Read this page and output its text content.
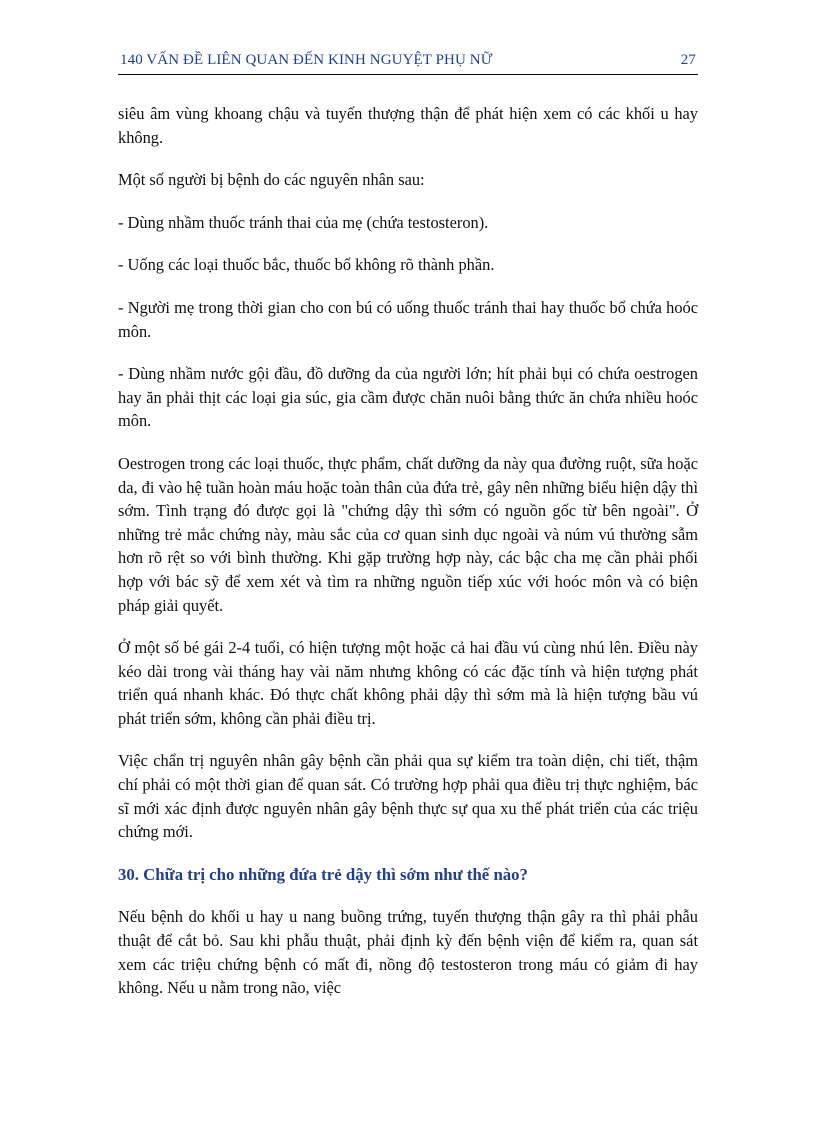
140 VẤN ĐỀ LIÊN QUAN ĐẾN KINH NGUYỆT PHỤ NỮ	27

siêu âm vùng khoang chậu và tuyến thượng thận để phát hiện xem có các khối u hay không.

Một số người bị bệnh do các nguyên nhân sau:

- Dùng nhầm thuốc tránh thai của mẹ (chứa testosteron).

- Uống các loại thuốc bắc, thuốc bổ không rõ thành phần.

- Người mẹ trong thời gian cho con bú có uống thuốc tránh thai hay thuốc bổ chứa hoóc môn.

- Dùng nhầm nước gội đầu, đồ dưỡng da của người lớn; hít phải bụi có chứa oestrogen hay ăn phải thịt các loại gia súc, gia cầm được chăn nuôi bằng thức ăn chứa nhiều hoóc môn.

Oestrogen trong các loại thuốc, thực phẩm, chất dưỡng da này qua đường ruột, sữa hoặc da, đi vào hệ tuần hoàn máu hoặc toàn thân của đứa trẻ, gây nên những biểu hiện dậy thì sớm. Tình trạng đó được gọi là "chứng dậy thì sớm có nguồn gốc từ bên ngoài". Ở những trẻ mắc chứng này, màu sắc của cơ quan sinh dục ngoài và núm vú thường sẫm hơn rõ rệt so với bình thường. Khi gặp trường hợp này, các bậc cha mẹ cần phải phối hợp với bác sỹ để xem xét và tìm ra những nguồn tiếp xúc với hoóc môn và có biện pháp giải quyết.

Ở một số bé gái 2-4 tuổi, có hiện tượng một hoặc cả hai đầu vú cùng nhú lên. Điều này kéo dài trong vài tháng hay vài năm nhưng không có các đặc tính và hiện tượng phát triển quá nhanh khác. Đó thực chất không phải dậy thì sớm mà là hiện tượng bầu vú phát triển sớm, không cần phải điều trị.

Việc chẩn trị nguyên nhân gây bệnh cần phải qua sự kiểm tra toàn diện, chi tiết, thậm chí phải có một thời gian để quan sát. Có trường hợp phải qua điều trị thực nghiệm, bác sĩ mới xác định được nguyên nhân gây bệnh thực sự qua xu thế phát triển của các triệu chứng mới.

30. Chữa trị cho những đứa trẻ dậy thì sớm như thế nào?

Nếu bệnh do khối u hay u nang buồng trứng, tuyến thượng thận gây ra thì phải phẫu thuật để cắt bỏ. Sau khi phẫu thuật, phải định kỳ đến bệnh viện để kiểm ra, quan sát xem các triệu chứng bệnh có mất đi, nồng độ testosteron trong máu có giảm đi hay không. Nếu u nằm trong não, việc
